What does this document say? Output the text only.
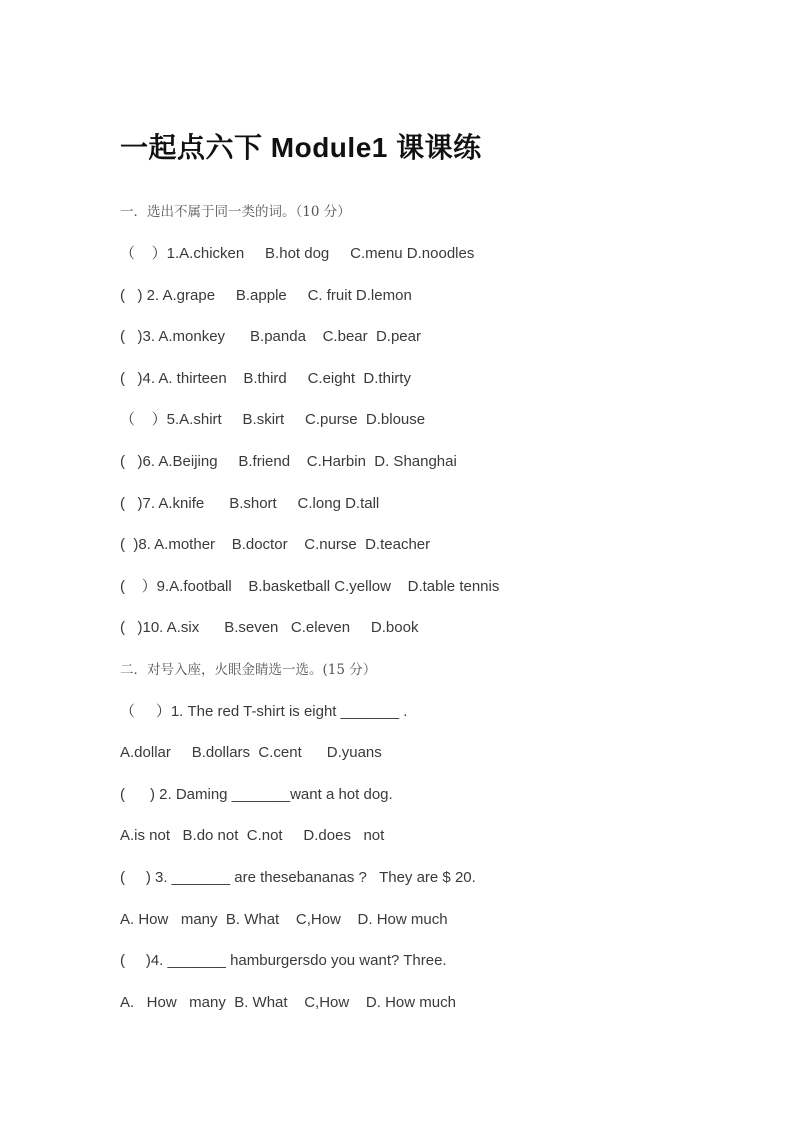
一起点六下 Module1 课课练
一．选出不属于同一类的词。（10 分）
（    ）1.A.chicken     B.hot dog     C.menu D.noodles
(   ) 2. A.grape     B.apple     C. fruit D.lemon
(   )3. A.monkey      B.panda    C.bear  D.pear
(   )4. A. thirteen    B.third     C.eight  D.thirty
（    ）5.A.shirt     B.skirt     C.purse  D.blouse
(   )6. A.Beijing     B.friend    C.Harbin  D. Shanghai
(   )7. A.knife      B.short     C.long D.tall
(  )8. A.mother    B.doctor    C.nurse  D.teacher
(    ）9.A.football    B.basketball C.yellow    D.table tennis
(   )10. A.six      B.seven   C.eleven     D.book
二．对号入座，火眼金睛选一选。(15 分）
（     ）1. The red T-shirt is eight _______ .
A.dollar     B.dollars  C.cent      D.yuans
(      ) 2. Daming _______want a hot dog.
A.is not   B.do not  C.not     D.does   not
(     ) 3. _______ are thesebananas ?   They are $ 20.
A. How   many  B. What    C,How    D. How much
(     )4. _______ hamburgersdo you want? Three.
A.   How   many  B. What    C,How    D. How much
